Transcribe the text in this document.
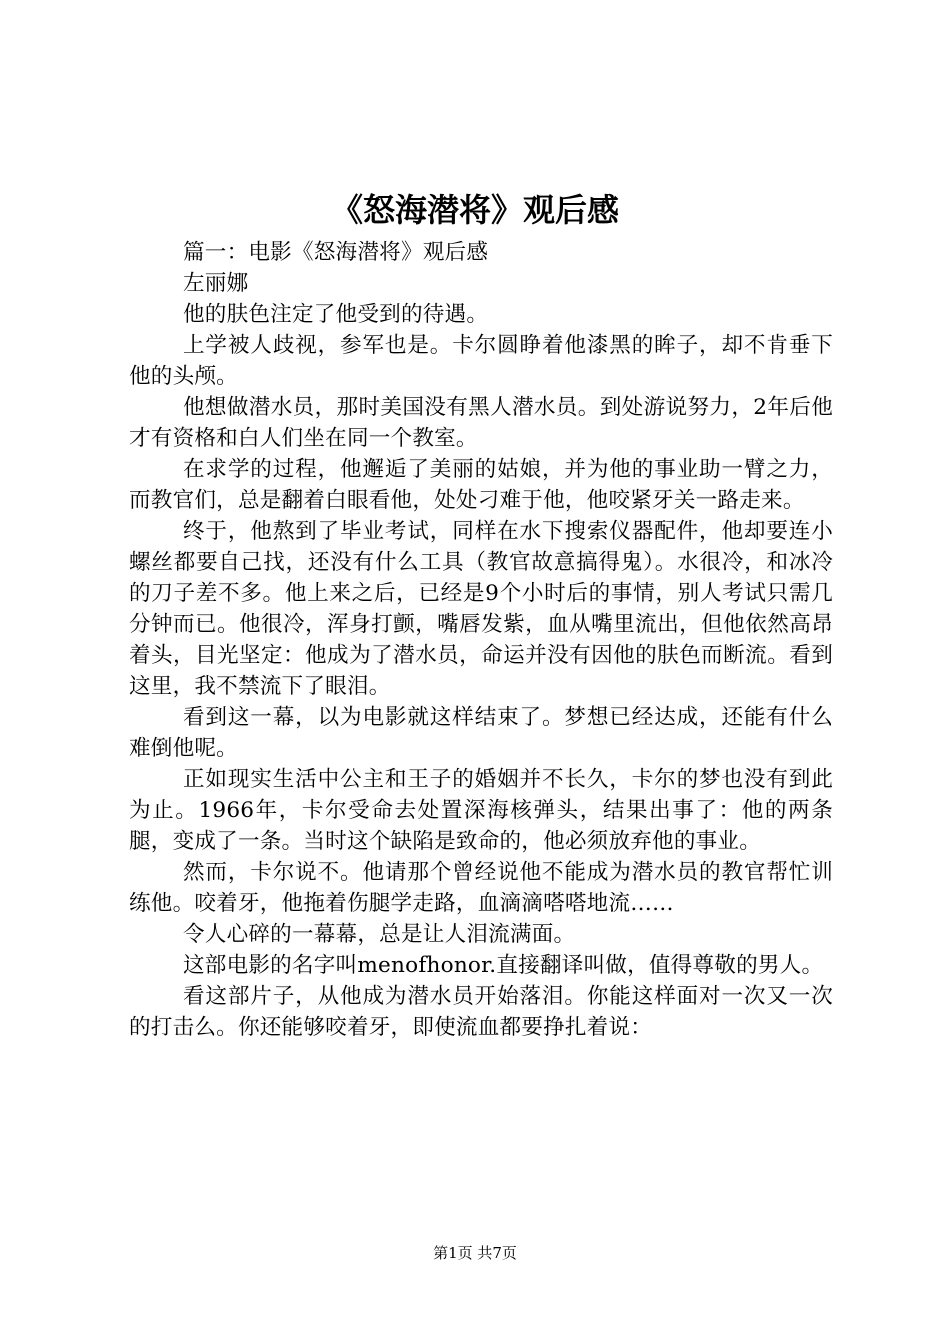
《怒海潜将》观后感

篇一：电影《怒海潜将》观后感

左丽娜

他的肤色注定了他受到的待遇。

上学被人歧视，参军也是。卡尔圆睁着他漆黑的眸子，却不肯垂下他的头颅。

他想做潜水员，那时美国没有黑人潜水员。到处游说努力，2年后他才有资格和白人们坐在同一个教室。

在求学的过程，他邂逅了美丽的姑娘，并为他的事业助一臂之力，而教官们，总是翻着白眼看他，处处刁难于他，他咬紧牙关一路走来。

终于，他熬到了毕业考试，同样在水下搜索仪器配件，他却要连小螺丝都要自己找，还没有什么工具（教官故意搞得鬼）。水很冷，和冰冷的刀子差不多。他上来之后，已经是9个小时后的事情，别人考试只需几分钟而已。他很冷，浑身打颤，嘴唇发紫，血从嘴里流出，但他依然高昂着头，目光坚定：他成为了潜水员，命运并没有因他的肤色而断流。看到这里，我不禁流下了眼泪。

看到这一幕，以为电影就这样结束了。梦想已经达成，还能有什么难倒他呢。

正如现实生活中公主和王子的婚姻并不长久，卡尔的梦也没有到此为止。1966年，卡尔受命去处置深海核弹头，结果出事了：他的两条腿，变成了一条。当时这个缺陷是致命的，他必须放弃他的事业。

然而，卡尔说不。他请那个曾经说他不能成为潜水员的教官帮忙训练他。咬着牙，他拖着伤腿学走路，血滴滴嗒嗒地流……

令人心碎的一幕幕，总是让人泪流满面。

这部电影的名字叫menofhonor.直接翻译叫做，值得尊敬的男人。

看这部片子，从他成为潜水员开始落泪。你能这样面对一次又一次的打击么。你还能够咬着牙，即使流血都要挣扎着说：

第1页 共7页
